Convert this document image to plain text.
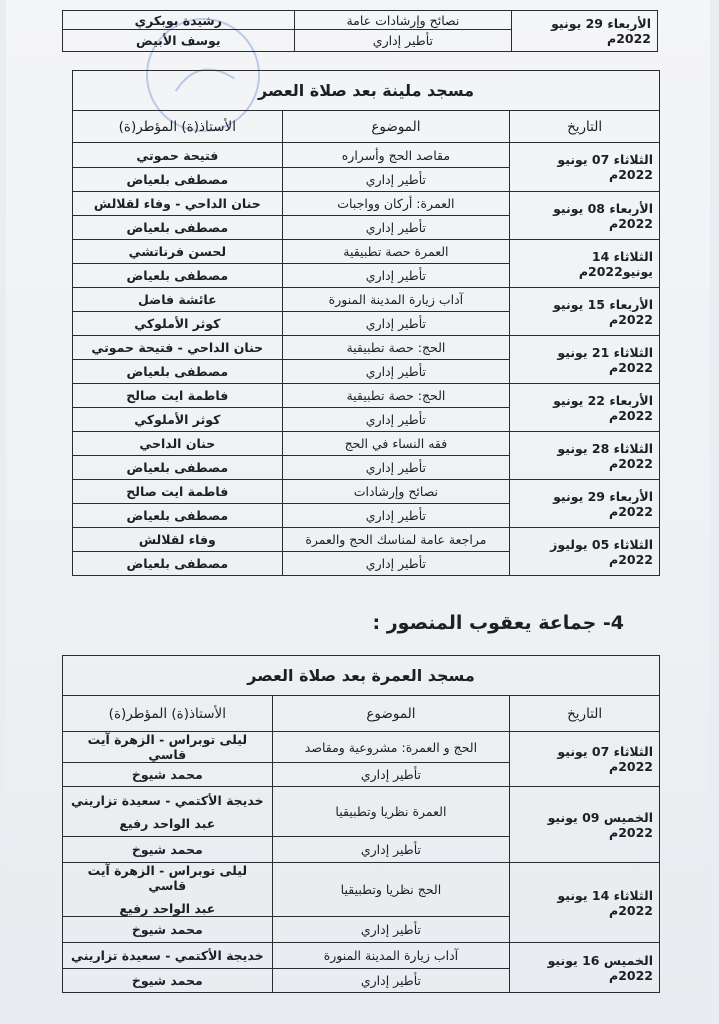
الأربعاء 29 يونيو 2022م	نصائح وإرشادات عامة	رشيدة بوبكري
	تأطير إداري	يوسف الأبيض
مسجد ملينة بعد صلاة العصر		
التاريخ	الموضوع	الأستاذ(ة) المؤطر(ة)
الثلاثاء 07 يونيو 2022م	مقاصد الحج وأسراره	فتيحة حموتي

	تأطير إداري	مصطفى بلعياض

الأربعاء 08 يونيو 2022م	العمرة: أركان وواجبات	حنان الداحي - وفاء لقلالش

	تأطير إداري	مصطفى بلعياض

الثلاثاء 14 يونيو2022م	العمرة حصة تطبيقية	لحسن فرناتشي

	تأطير إداري	مصطفى بلعياض

الأربعاء 15 يونيو 2022م	آداب زيارة المدينة المنورة	عائشة فاضل

	تأطير إداري	كوثر الأملوكي

الثلاثاء 21 يونيو 2022م	الحج: حصة تطبيقية	حنان الداحي - فتيحة حموتي

	تأطير إداري	مصطفى بلعياض

الأربعاء 22 يونيو 2022م	الحج: حصة تطبيقية	فاطمة ايت صالح

	تأطير إداري	كوثر الأملوكي

الثلاثاء 28 يونيو 2022م	فقه النساء في الحج	حنان الداحي

	تأطير إداري	مصطفى بلعياض

الأربعاء 29 يونيو 2022م	نصائح وإرشادات	فاطمة ايت صالح

	تأطير إداري	مصطفى بلعياض

الثلاثاء 05 يوليوز 2022م	مراجعة عامة لمناسك الحج والعمرة	وفاء لقلالش

	تأطير إداري	مصطفى بلعياض
4- جماعة يعقوب المنصور :
مسجد العمرة بعد صلاة العصر		
التاريخ	الموضوع	الأستاذ(ة) المؤطر(ة)
الثلاثاء 07 يونيو 2022م	الحج و العمرة: مشروعية ومقاصد	ليلى توبراس - الزهرة آيت قاسي

	تأطير إداري	محمد شيوخ

الخميس 09 يونيو 2022م	العمرة نظريا وتطبيقيا	خديجة الأكتمي - سعيدة تزاريني
عبد الواحد رفيع

	تأطير إداري	محمد شيوخ

الثلاثاء 14 يونيو 2022م	الحج نظريا وتطبيقيا	ليلى توبراس - الزهرة آيت قاسي
عبد الواحد رفيع

	تأطير إداري	محمد شيوخ

الخميس 16 يونيو 2022م	آداب زيارة المدينة المنورة	خديجة الأكتمي - سعيدة تزاريني

	تأطير إداري	محمد شيوخ
